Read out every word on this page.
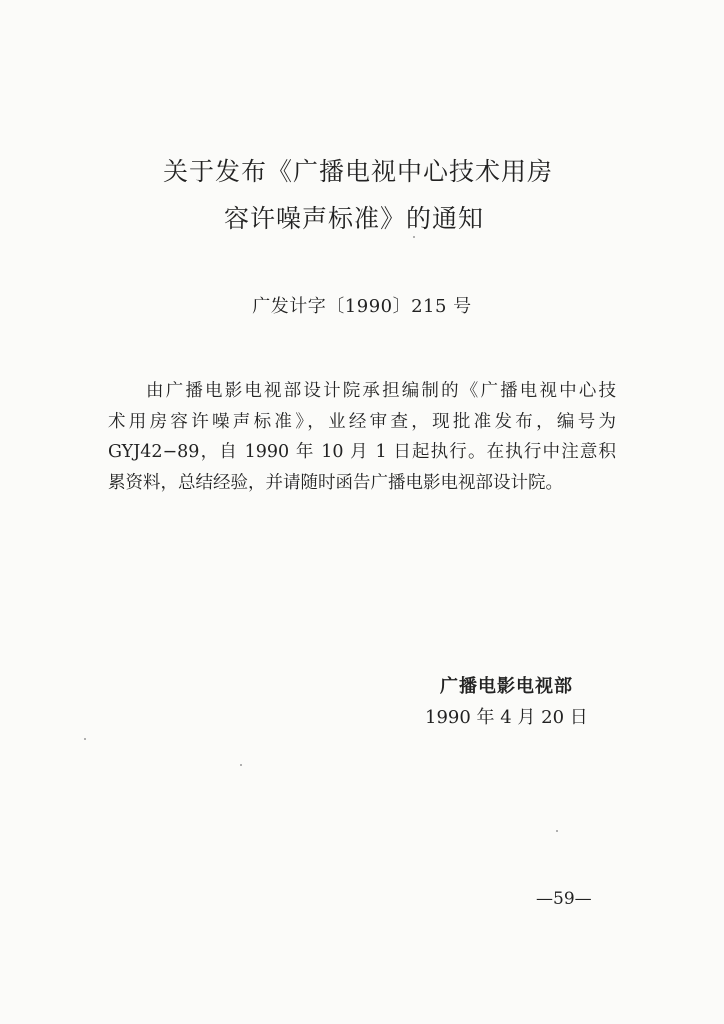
关于发布《广播电视中心技术用房
容许噪声标准》的通知
广发计字〔1990〕215 号

由广播电影电视部设计院承担编制的《广播电视中心技
术用房容许噪声标准》，业经审查，现批准发布，编号为
GYJ42−89，自 1990 年 10 月 1 日起执行。在执行中注意积
累资料，总结经验，并请随时函告广播电影电视部设计院。

广播电影电视部
1990 年 4 月 20 日
—59—
